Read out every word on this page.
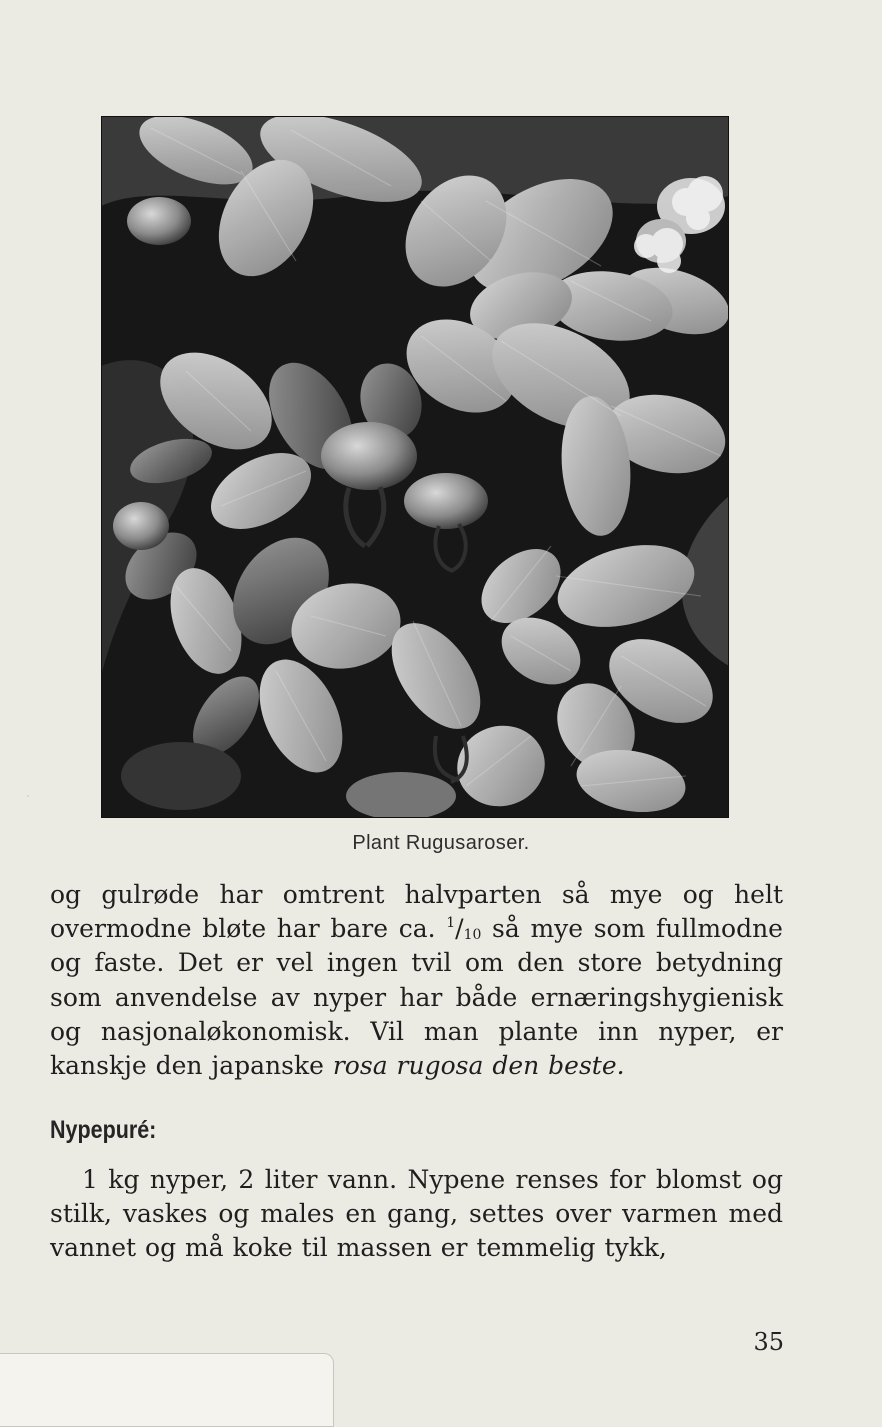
·
Plant Rugusaroser.

og gulrøde har omtrent halvparten så mye og helt overmodne bløte har bare ca. $^1/_{10}$ så mye som fullmodne og faste. Det er vel ingen tvil om den store betydning som anvendelse av nyper har både ernæringshygienisk og nasjonaløkonomisk. Vil man plante inn nyper, er kanskje den japanske rosa rugosa den beste.

Nypepuré:

1 kg nyper, 2 liter vann. Nypene renses for blomst og stilk, vaskes og males en gang, settes over varmen med vannet og må koke til massen er temmelig tykk,

35
